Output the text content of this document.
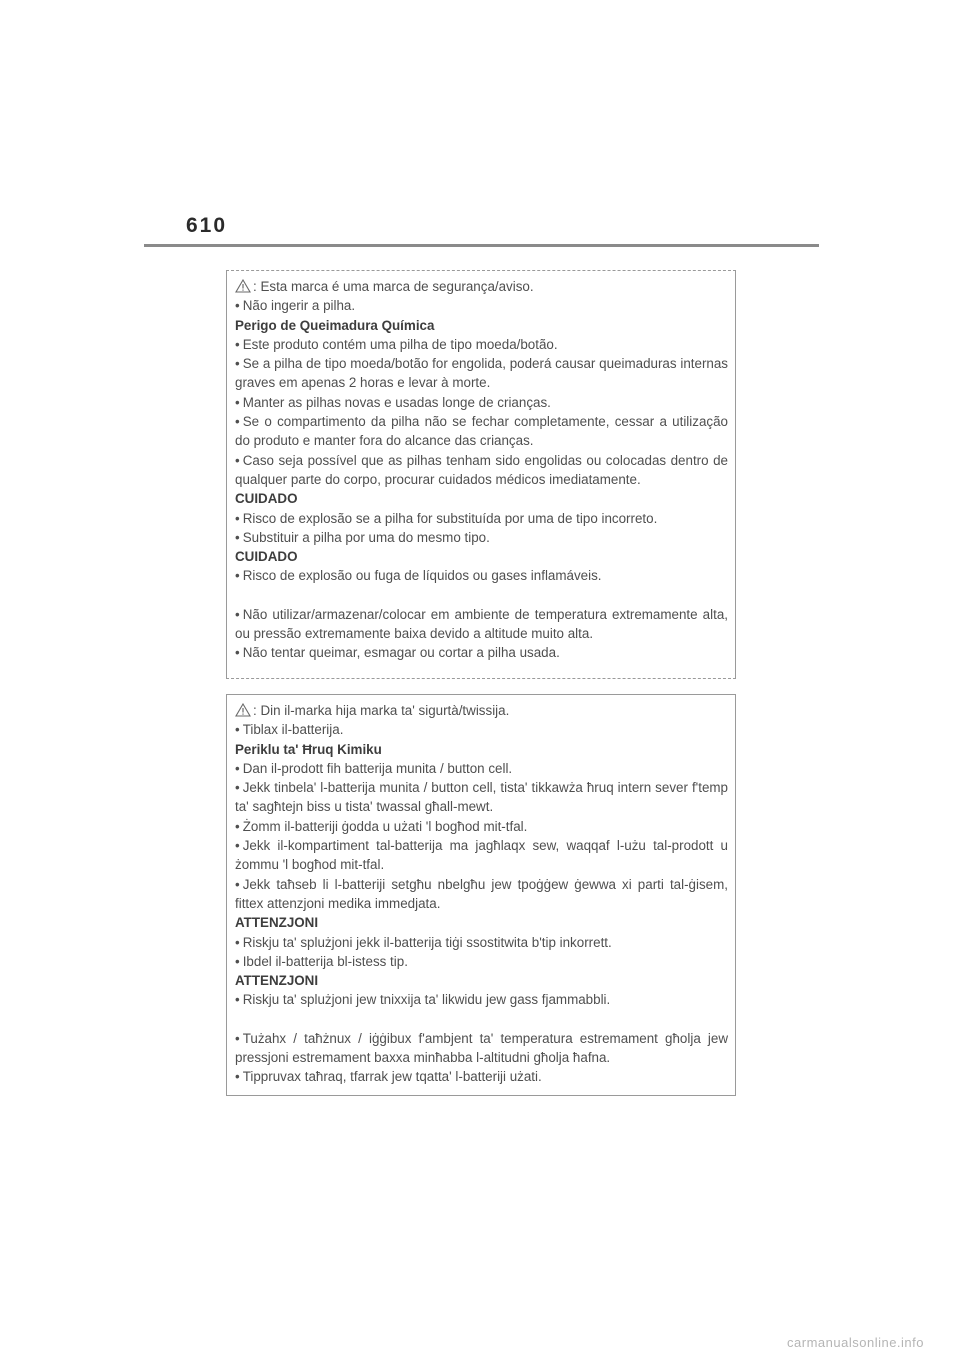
610
: Esta marca é uma marca de segurança/aviso.
• Não ingerir a pilha.
Perigo de Queimadura Química
• Este produto contém uma pilha de tipo moeda/botão.
• Se a pilha de tipo moeda/botão for engolida, poderá causar queimaduras internas graves em apenas 2 horas e levar à morte.
• Manter as pilhas novas e usadas longe de crianças.
• Se o compartimento da pilha não se fechar completamente, cessar a utilização do produto e manter fora do alcance das crianças.
• Caso seja possível que as pilhas tenham sido engolidas ou colocadas dentro de qualquer parte do corpo, procurar cuidados médicos imediatamente.
CUIDADO
• Risco de explosão se a pilha for substituída por uma de tipo incorreto.
• Substituir a pilha por uma do mesmo tipo.
CUIDADO
• Risco de explosão ou fuga de líquidos ou gases inflamáveis.
• Não utilizar/armazenar/colocar em ambiente de temperatura extremamente alta, ou pressão extremamente baixa devido a altitude muito alta.
• Não tentar queimar, esmagar ou cortar a pilha usada.
: Din il-marka hija marka ta' sigurtà/twissija.
• Tiblax il-batterija.
Periklu ta' Ħruq Kimiku
• Dan il-prodott fih batterija munita / button cell.
• Jekk tinbela' l-batterija munita / button cell, tista' tikkawża ħruq intern sever f'temp ta' sagħtejn biss u tista' twassal għall-mewt.
• Żomm il-batteriji ġodda u użati 'l bogħod mit-tfal.
• Jekk il-kompartiment tal-batterija ma jagħlaqx sew, waqqaf l-użu tal-prodott u żommu 'l bogħod mit-tfal.
• Jekk taħseb li l-batteriji setgħu nbelgħu jew tpoġġew ġewwa xi parti tal-ġisem, fittex attenzjoni medika immedjata.
ATTENZJONI
• Riskju ta' splużjoni jekk il-batterija tiġi ssostitwita b'tip inkorrett.
• Ibdel il-batterija bl-istess tip.
ATTENZJONI
• Riskju ta' splużjoni jew tnixxija ta' likwidu jew gass fjammabbli.
• Tużahx / taħżnux / iġġibux f'ambjent ta' temperatura estremament għolja jew pressjoni estremament baxxa minħabba l-altitudni għolja ħafna.
• Tippruvax taħraq, tfarrak jew tqatta' l-batteriji użati.
carmanualsonline.info
